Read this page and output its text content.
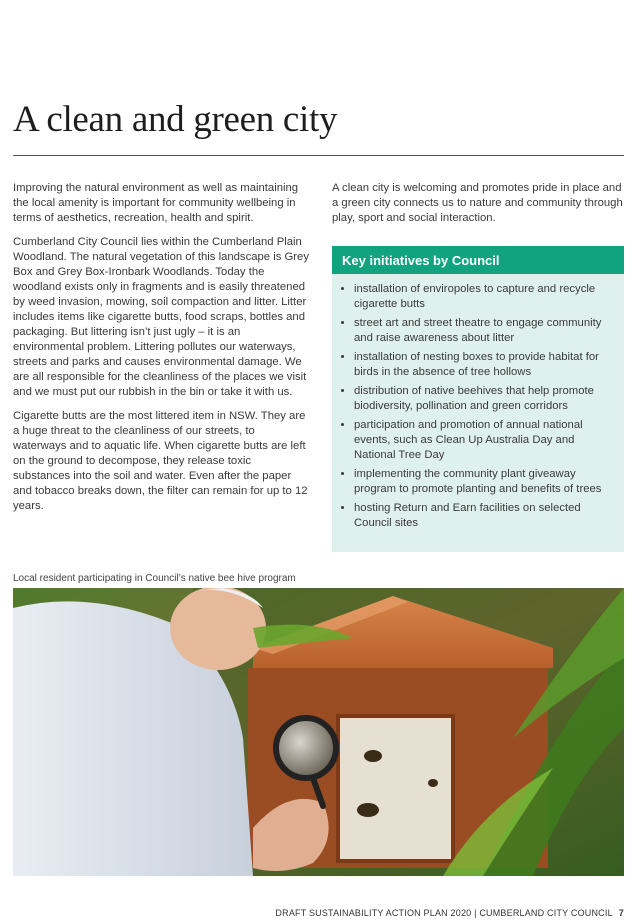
A clean and green city

Improving the natural environment as well as maintaining the local amenity is important for community wellbeing in terms of aesthetics, recreation, health and spirit.

Cumberland City Council lies within the Cumberland Plain Woodland. The natural vegetation of this landscape is Grey Box and Grey Box-Ironbark Woodlands. Today the woodland exists only in fragments and is easily threatened by weed invasion, mowing, soil compaction and litter. Litter includes items like cigarette butts, food scraps, bottles and packaging. But littering isn’t just ugly – it is an environmental problem. Littering pollutes our waterways, streets and parks and causes environmental damage. We are all responsible for the cleanliness of the places we visit and we must put our rubbish in the bin or take it with us.

Cigarette butts are the most littered item in NSW. They are a huge threat to the cleanliness of our streets, to waterways and to aquatic life. When cigarette butts are left on the ground to decompose, they release toxic substances into the soil and water. Even after the paper and tobacco breaks down, the filter can remain for up to 12 years.

A clean city is welcoming and promotes pride in place and a green city connects us to nature and community through play, sport and social interaction.

Key initiatives by Council
• installation of enviropoles to capture and recycle cigarette butts
• street art and street theatre to engage community and raise awareness about litter
• installation of nesting boxes to provide habitat for birds in the absence of tree hollows
• distribution of native beehives that help promote biodiversity, pollination and green corridors
• participation and promotion of annual national events, such as Clean Up Australia Day and National Tree Day
• implementing the community plant giveaway program to promote planting and benefits of trees
• hosting Return and Earn facilities on selected Council sites
Local resident participating in Council’s native bee hive program
DRAFT SUSTAINABILITY ACTION PLAN 2020 | CUMBERLAND CITY COUNCIL 7
